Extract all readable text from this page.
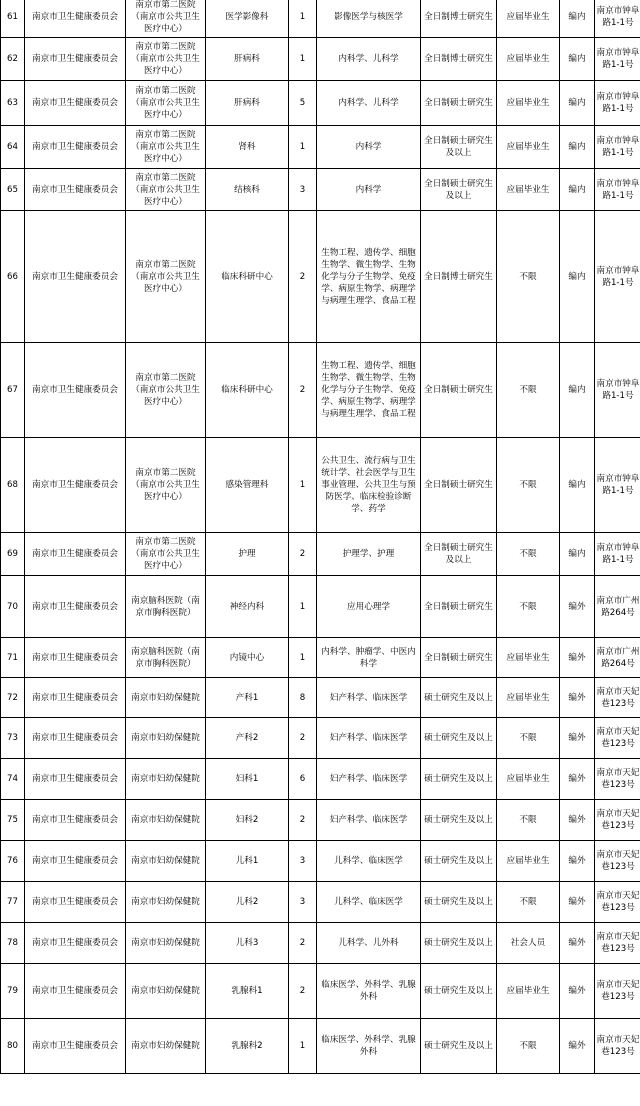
61	南京市卫生健康委员会	南京市第二医院（南京市公共卫生医疗中心）	医学影像科	1	影像医学与核医学	全日制博士研究生	应届毕业生	编内	南京市钟阜路1-1号
62	南京市卫生健康委员会	南京市第二医院（南京市公共卫生医疗中心）	肝病科	1	内科学、儿科学	全日制博士研究生	应届毕业生	编内	南京市钟阜路1-1号
63	南京市卫生健康委员会	南京市第二医院（南京市公共卫生医疗中心）	肝病科	5	内科学、儿科学	全日制硕士研究生	应届毕业生	编内	南京市钟阜路1-1号
64	南京市卫生健康委员会	南京市第二医院（南京市公共卫生医疗中心）	肾科	1	内科学	全日制硕士研究生及以上	应届毕业生	编内	南京市钟阜路1-1号
65	南京市卫生健康委员会	南京市第二医院（南京市公共卫生医疗中心）	结核科	3	内科学	全日制硕士研究生及以上	应届毕业生	编内	南京市钟阜路1-1号
66	南京市卫生健康委员会	南京市第二医院（南京市公共卫生医疗中心）	临床科研中心	2	生物工程、遗传学、细胞生物学、微生物学、生物化学与分子生物学、免疫学、病原生物学、病理学与病理生理学、食品工程	全日制博士研究生	不限	编内	南京市钟阜路1-1号
67	南京市卫生健康委员会	南京市第二医院（南京市公共卫生医疗中心）	临床科研中心	2	生物工程、遗传学、细胞生物学、微生物学、生物化学与分子生物学、免疫学、病原生物学、病理学与病理生理学、食品工程	全日制硕士研究生	不限	编内	南京市钟阜路1-1号
68	南京市卫生健康委员会	南京市第二医院（南京市公共卫生医疗中心）	感染管理科	1	公共卫生、流行病与卫生统计学、社会医学与卫生事业管理、公共卫生与预防医学、临床检验诊断学、药学	全日制硕士研究生	不限	编内	南京市钟阜路1-1号
69	南京市卫生健康委员会	南京市第二医院（南京市公共卫生医疗中心）	护理	2	护理学、护理	全日制硕士研究生及以上	不限	编内	南京市钟阜路1-1号
70	南京市卫生健康委员会	南京脑科医院（南京市胸科医院）	神经内科	1	应用心理学	全日制硕士研究生	不限	编外	南京市广州路264号
71	南京市卫生健康委员会	南京脑科医院（南京市胸科医院）	内镜中心	1	内科学、肿瘤学、中医内科学	全日制硕士研究生	应届毕业生	编外	南京市广州路264号
72	南京市卫生健康委员会	南京市妇幼保健院	产科1	8	妇产科学、临床医学	硕士研究生及以上	应届毕业生	编外	南京市天妃巷123号
73	南京市卫生健康委员会	南京市妇幼保健院	产科2	2	妇产科学、临床医学	硕士研究生及以上	不限	编外	南京市天妃巷123号
74	南京市卫生健康委员会	南京市妇幼保健院	妇科1	6	妇产科学、临床医学	硕士研究生及以上	应届毕业生	编外	南京市天妃巷123号
75	南京市卫生健康委员会	南京市妇幼保健院	妇科2	2	妇产科学、临床医学	硕士研究生及以上	不限	编外	南京市天妃巷123号
76	南京市卫生健康委员会	南京市妇幼保健院	儿科1	3	儿科学、临床医学	硕士研究生及以上	应届毕业生	编外	南京市天妃巷123号
77	南京市卫生健康委员会	南京市妇幼保健院	儿科2	3	儿科学、临床医学	硕士研究生及以上	不限	编外	南京市天妃巷123号
78	南京市卫生健康委员会	南京市妇幼保健院	儿科3	2	儿科学、儿外科	硕士研究生及以上	社会人员	编外	南京市天妃巷123号
79	南京市卫生健康委员会	南京市妇幼保健院	乳腺科1	2	临床医学、外科学、乳腺外科	硕士研究生及以上	应届毕业生	编外	南京市天妃巷123号
80	南京市卫生健康委员会	南京市妇幼保健院	乳腺科2	1	临床医学、外科学、乳腺外科	硕士研究生及以上	不限	编外	南京市天妃巷123号
